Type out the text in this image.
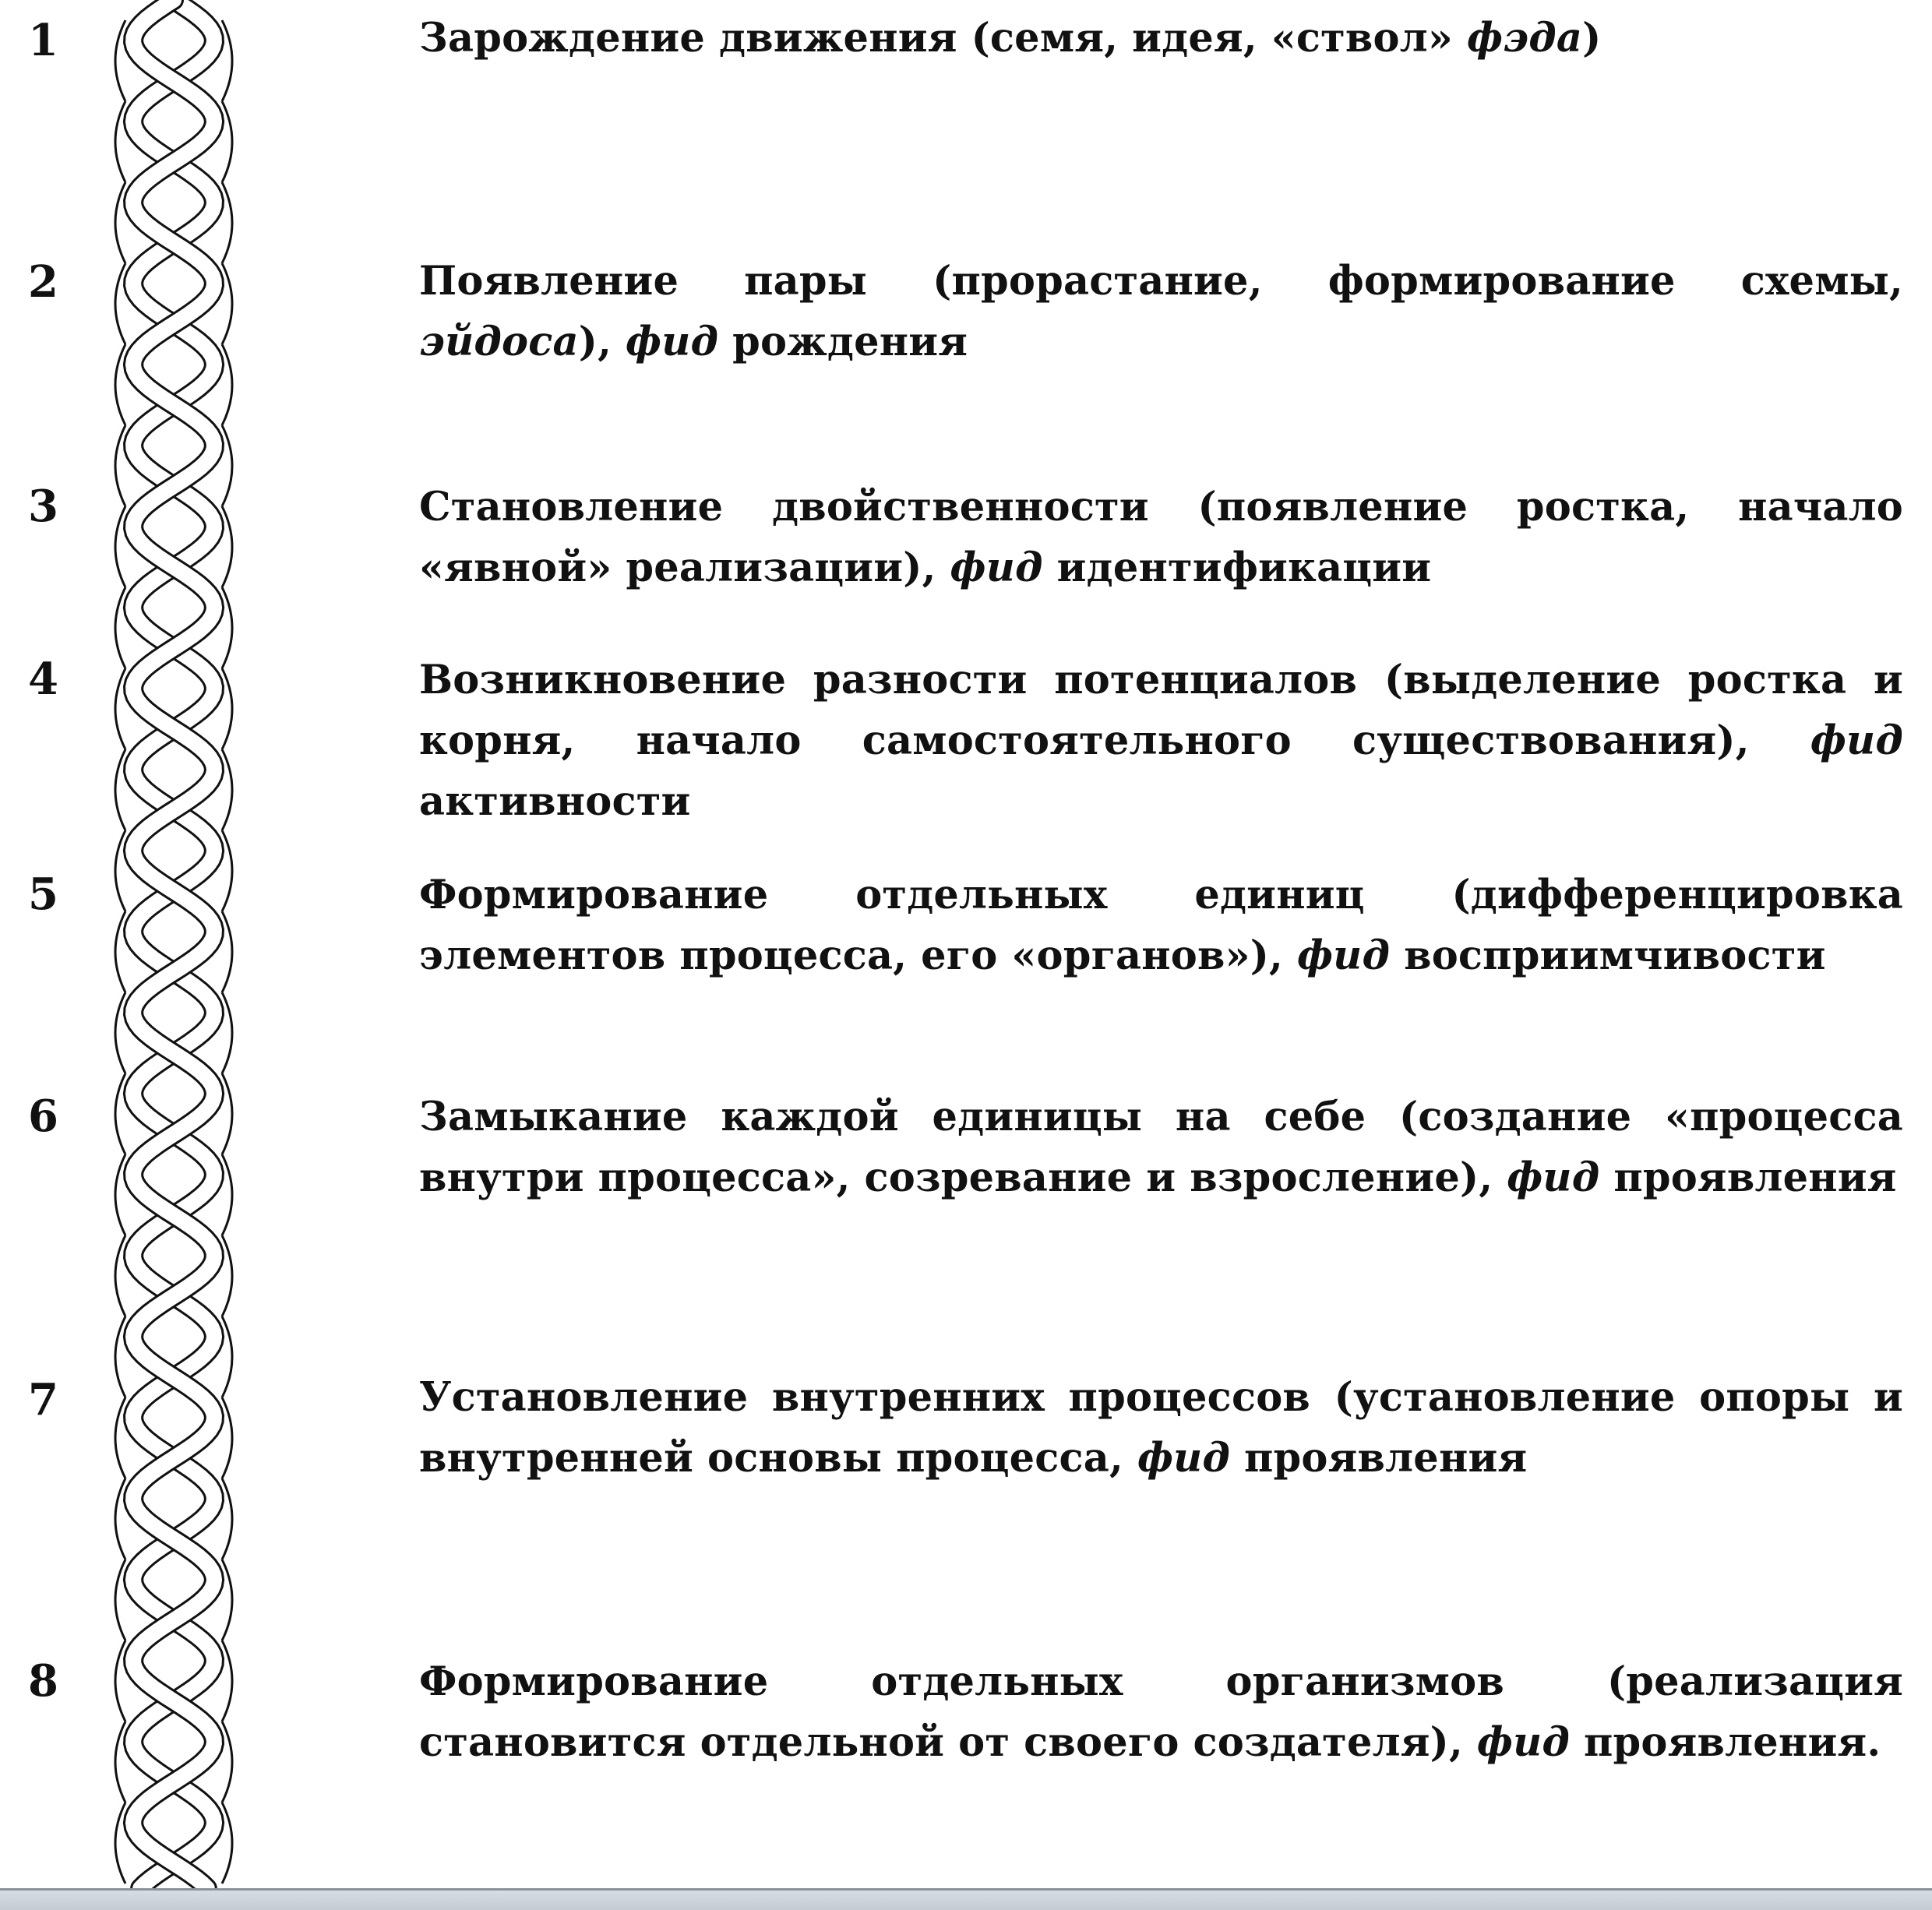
1
2
3
4
5
6
7
8
Зарождение движения (семя, идея, «ствол» фэда)
Появление пары (прорастание, формирование схемы, эйдоса), фид рождения
Становление двойственности (появление ростка, начало «явной» реализации), фид идентификации
Возникновение разности потенциалов (выделение ростка и корня, начало самостоятельного существования), фид активности
Формирование отдельных единиц (дифференцировка элементов процесса, его «органов»), фид восприимчивости
Замыкание каждой единицы на себе (создание «процесса внутри процесса», созревание и взросление), фид проявления
Установление внутренних процессов (установление опоры и внутренней основы процесса, фид проявления
Формирование отдельных организмов (реализация становится отдельной от своего создателя), фид проявления.
